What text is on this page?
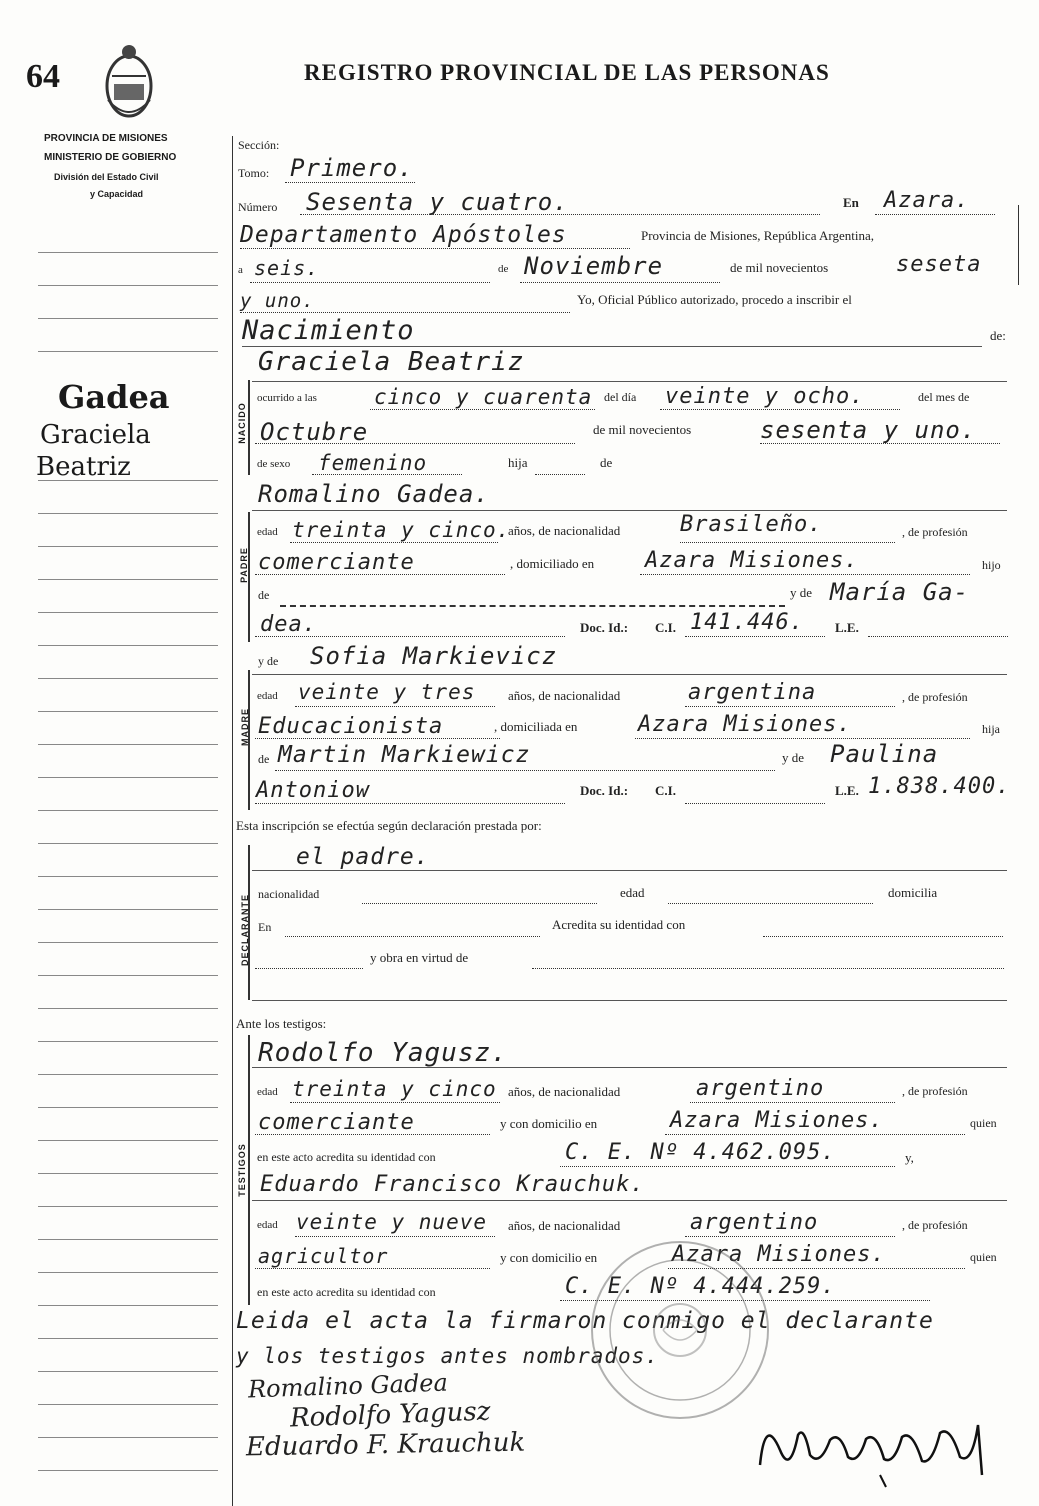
64	REGISTRO PROVINCIAL DE LAS PERSONAS
PROVINCIA DE MISIONES
MINISTERIO DE GOBIERNO
División del Estado Civil
y Capacidad
Gadea
Graciela
Beatriz
NACIDO
PADRE
MADRE
DECLARANTE
TESTIGOS
Sección:
Tomo: Primero.
Número Sesenta y cuatro.	En Azara.
Departamento Apóstoles	Provincia de Misiones, República Argentina,
a seis.	de Noviembre	de mil novecientos	seseta
y uno.	Yo, Oficial Público autorizado, procedo a inscribir el
Nacimiento	de:
Graciela Beatriz
ocurrido a las	cinco y cuarenta del día veinte y ocho.	del mes de
Octubre	de mil novecientos	sesenta y uno.
de sexo femenino	hija	de
Romalino Gadea.
edad treinta y cinco.
años, de nacionalidad	Brasileño.	, de profesión
comerciante	, domiciliado en Azara Misiones.	hijo
de	y de María Ga-
dea.	Doc. Id.: C.I. 141.446. L.E.
y de Sofia Markievicz
edad veinte y tres	años, de nacionalidad	argentina	, de profesión
Educacionista	, domiciliada en	Azara Misiones.	hija
de Martin Markiewicz	y de Paulina
Antoniow	Doc. Id.: C.I.	L.E. 1.838.400.
Esta inscripción se efectúa según declaración prestada por:
el padre.
nacionalidad	edad	domicilia
En	Acredita su identidad con
y obra en virtud de
Ante los testigos:
Rodolfo Yagusz.
edad treinta y cinco años, de nacionalidad	argentino	, de profesión
comerciante	y con domicilio en	Azara Misiones.	quien
en este acto acredita su identidad con	C. E. Nº 4.462.095.	y,
Eduardo Francisco Krauchuk.
edad veinte y nueve años, de nacionalidad	argentino	, de profesión
agricultor	y con domicilio en	Azara Misiones.	quien
en este acto acredita su identidad con	C. E. Nº 4.444.259.
Leida el acta la firmaron conmigo el declarante
y los testigos antes nombrados.
Romalino Gadea
Rodolfo Yagusz
Eduardo F. Krauchuk
